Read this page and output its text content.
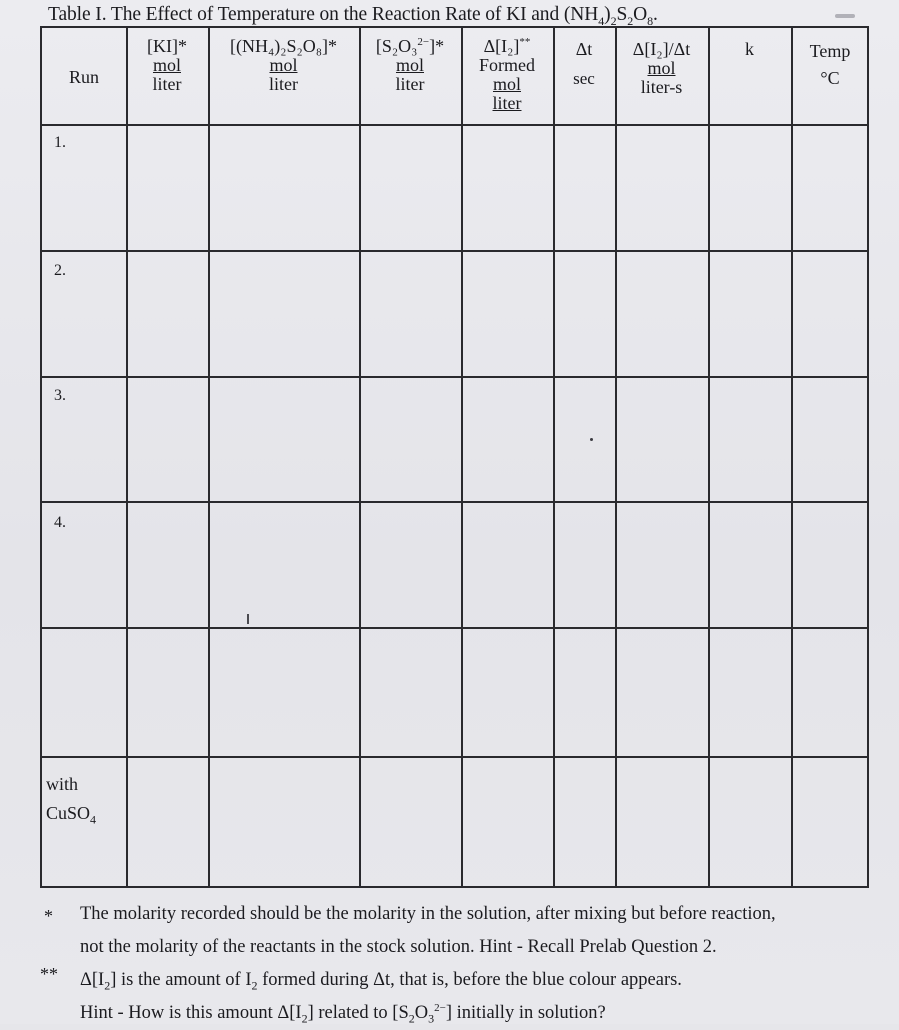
Table I. The Effect of Temperature on the Reaction Rate of KI and $(NH_4)_2S_2O_8$.
Run
[KI]*
mol
liter
[(NH₄)₂S₂O₈]*
mol
liter
[S₂O₃$^{2-}$]*
mol
liter
Δ[I₂]**
Formed
mol
liter
Δt
sec
Δ[I₂]/Δt
mol
liter-s
k	Temp
°C
1.
2.
3.
4.
with
CuSO$_4$
* The molarity recorded should be the molarity in the solution, after mixing but before reaction,
not the molarity of the reactants in the stock solution. Hint - Recall Prelab Question 2.
** $\Delta[I_2]$ is the amount of $I_2$ formed during Δt, that is, before the blue colour appears.
Hint - How is this amount $\Delta[I_2]$ related to $[S_2O_3^{2-}]$ initially in solution?
